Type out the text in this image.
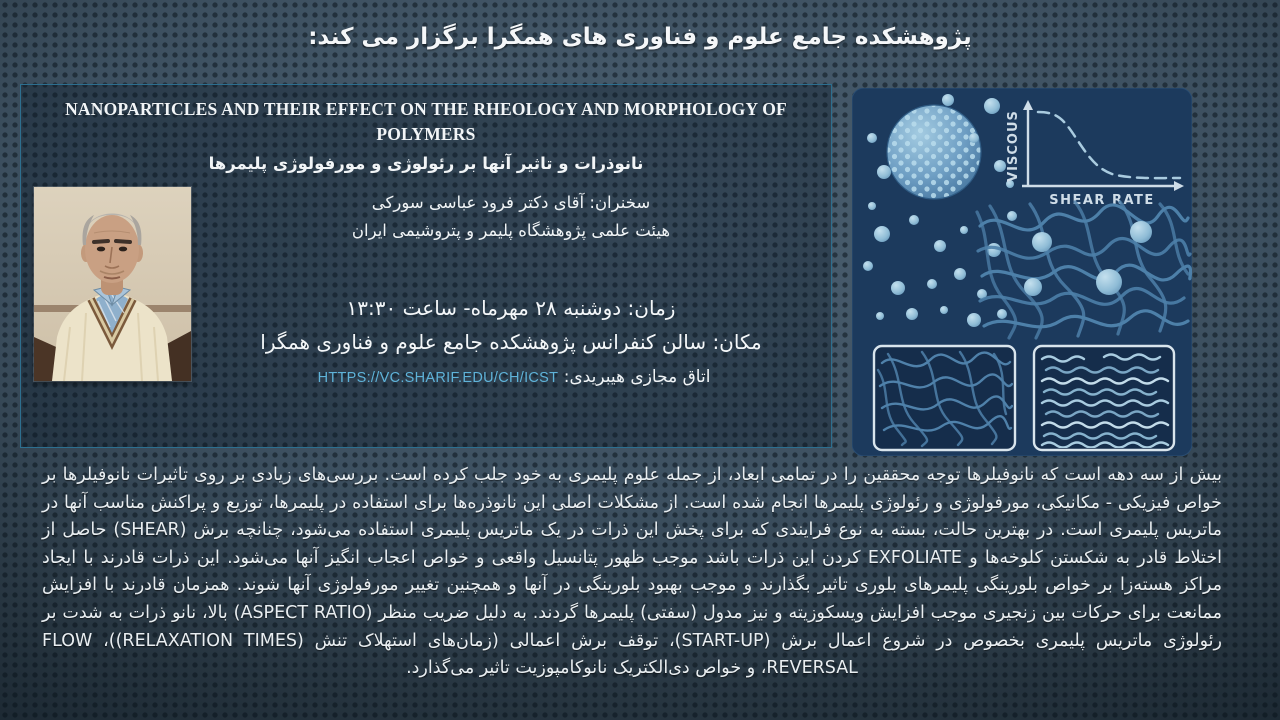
پژوهشکده جامع علوم و فناوری های همگرا برگزار می کند:
NANOPARTICLES AND THEIR EFFECT ON THE RHEOLOGY AND MORPHOLOGY OF POLYMERS
نانوذرات و تاثیر آنها بر رئولوژی و مورفولوژی پلیمرها
سخنران: آقای دکتر فرود عباسی سورکی
هیئت علمی پژوهشگاه پلیمر و پتروشیمی ایران
زمان: دوشنبه ۲۸ مهرماه- ساعت ۱۳:۳۰
مکان: سالن کنفرانس پژوهشکده جامع علوم و فناوری همگرا
اتاق مجازی هیبریدی: HTTPS://VC.SHARIF.EDU/CH/ICST
VISCOUS
SHEAR RATE
بیش از سه دهه است که نانوفیلرها توجه محققین را در تمامی ابعاد، از جمله علوم پلیمری به خود جلب کرده است. بررسی‌های زیادی بر روی تاثیرات نانوفیلرها بر خواص فیزیکی - مکانیکی، مورفولوژی و رئولوژی پلیمرها انجام شده است. از مشکلات اصلی این نانوذره‌ها برای استفاده در پلیمرها، توزیع و پراکنش مناسب آنها در ماتریس پلیمری است. در بهترین حالت، بسته به نوع فرایندی که برای پخش این ذرات در یک ماتریس پلیمری استفاده می‌شود، چنانچه برش (SHEAR) حاصل از اختلاط قادر به شکستن کلوخه‌ها و EXFOLIATE کردن این ذرات باشد موجب ظهور پتانسیل واقعی و خواص اعجاب انگیز آنها می‌شود. این ذرات قادرند با ایجاد مراکز هسته‌زا بر خواص بلورینگی پلیمرهای بلوری تاثیر بگذارند و موجب بهبود بلورینگی در آنها و همچنین تغییر مورفولوژی آنها شوند. همزمان قادرند با افزایش ممانعت برای حرکات بین زنجیری موجب افزایش ویسکوزیته و نیز مدول (سفتی) پلیمرها گردند. به دلیل ضریب منظر (ASPECT RATIO) بالا، نانو ذرات به شدت بر رئولوژی ماتریس پلیمری بخصوص در شروع اعمال برش (START-UP)، توقف برش اعمالی (زمان‌های استهلاک تنش (RELAXATION TIMES))، FLOW REVERSAL، و خواص دی‌الکتریک نانوکامپوزیت تاثیر می‌گذارد.
